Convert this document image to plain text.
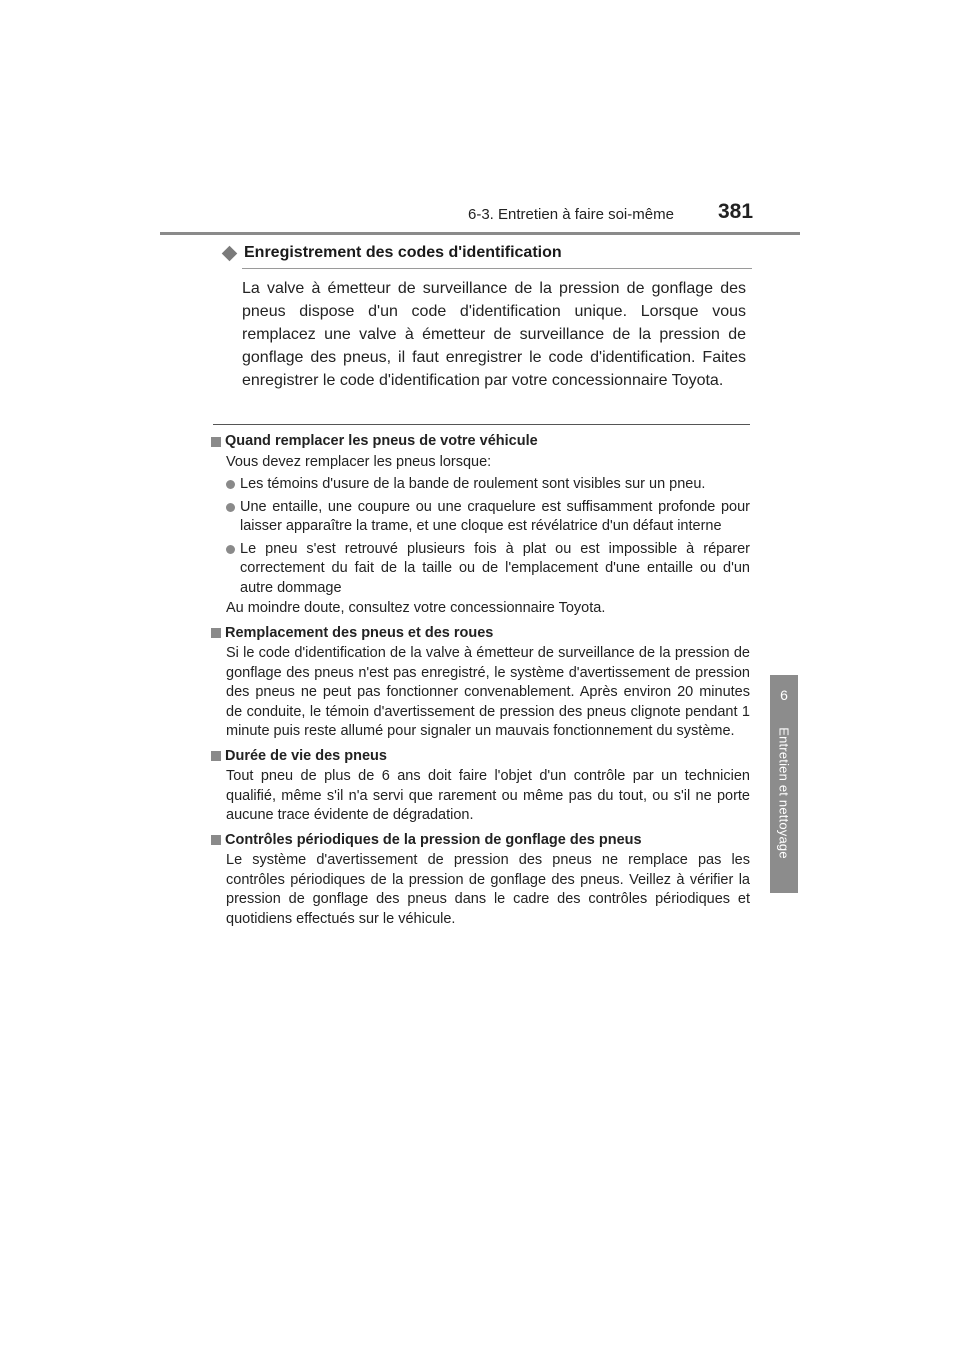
6-3. Entretien à faire soi-même 381
6
Entretien et nettoyage
Enregistrement des codes d'identification
La valve à émetteur de surveillance de la pression de gonflage des pneus dispose d'un code d'identification unique. Lorsque vous remplacez une valve à émetteur de surveillance de la pression de gonflage des pneus, il faut enregistrer le code d'identification. Faites enregistrer le code d'identification par votre concessionnaire Toyota.
Quand remplacer les pneus de votre véhicule
Vous devez remplacer les pneus lorsque:
Les témoins d'usure de la bande de roulement sont visibles sur un pneu.
Une entaille, une coupure ou une craquelure est suffisamment profonde pour laisser apparaître la trame, et une cloque est révélatrice d'un défaut interne
Le pneu s'est retrouvé plusieurs fois à plat ou est impossible à réparer correctement du fait de la taille ou de l'emplacement d'une entaille ou d'un autre dommage
Au moindre doute, consultez votre concessionnaire Toyota.
Remplacement des pneus et des roues
Si le code d'identification de la valve à émetteur de surveillance de la pression de gonflage des pneus n'est pas enregistré, le système d'avertissement de pression des pneus ne peut pas fonctionner convenablement. Après environ 20 minutes de conduite, le témoin d'avertissement de pression des pneus clignote pendant 1 minute puis reste allumé pour signaler un mauvais fonctionnement du système.
Durée de vie des pneus
Tout pneu de plus de 6 ans doit faire l'objet d'un contrôle par un technicien qualifié, même s'il n'a servi que rarement ou même pas du tout, ou s'il ne porte aucune trace évidente de dégradation.
Contrôles périodiques de la pression de gonflage des pneus
Le système d'avertissement de pression des pneus ne remplace pas les contrôles périodiques de la pression de gonflage des pneus. Veillez à vérifier la pression de gonflage des pneus dans le cadre des contrôles périodiques et quotidiens effectués sur le véhicule.
